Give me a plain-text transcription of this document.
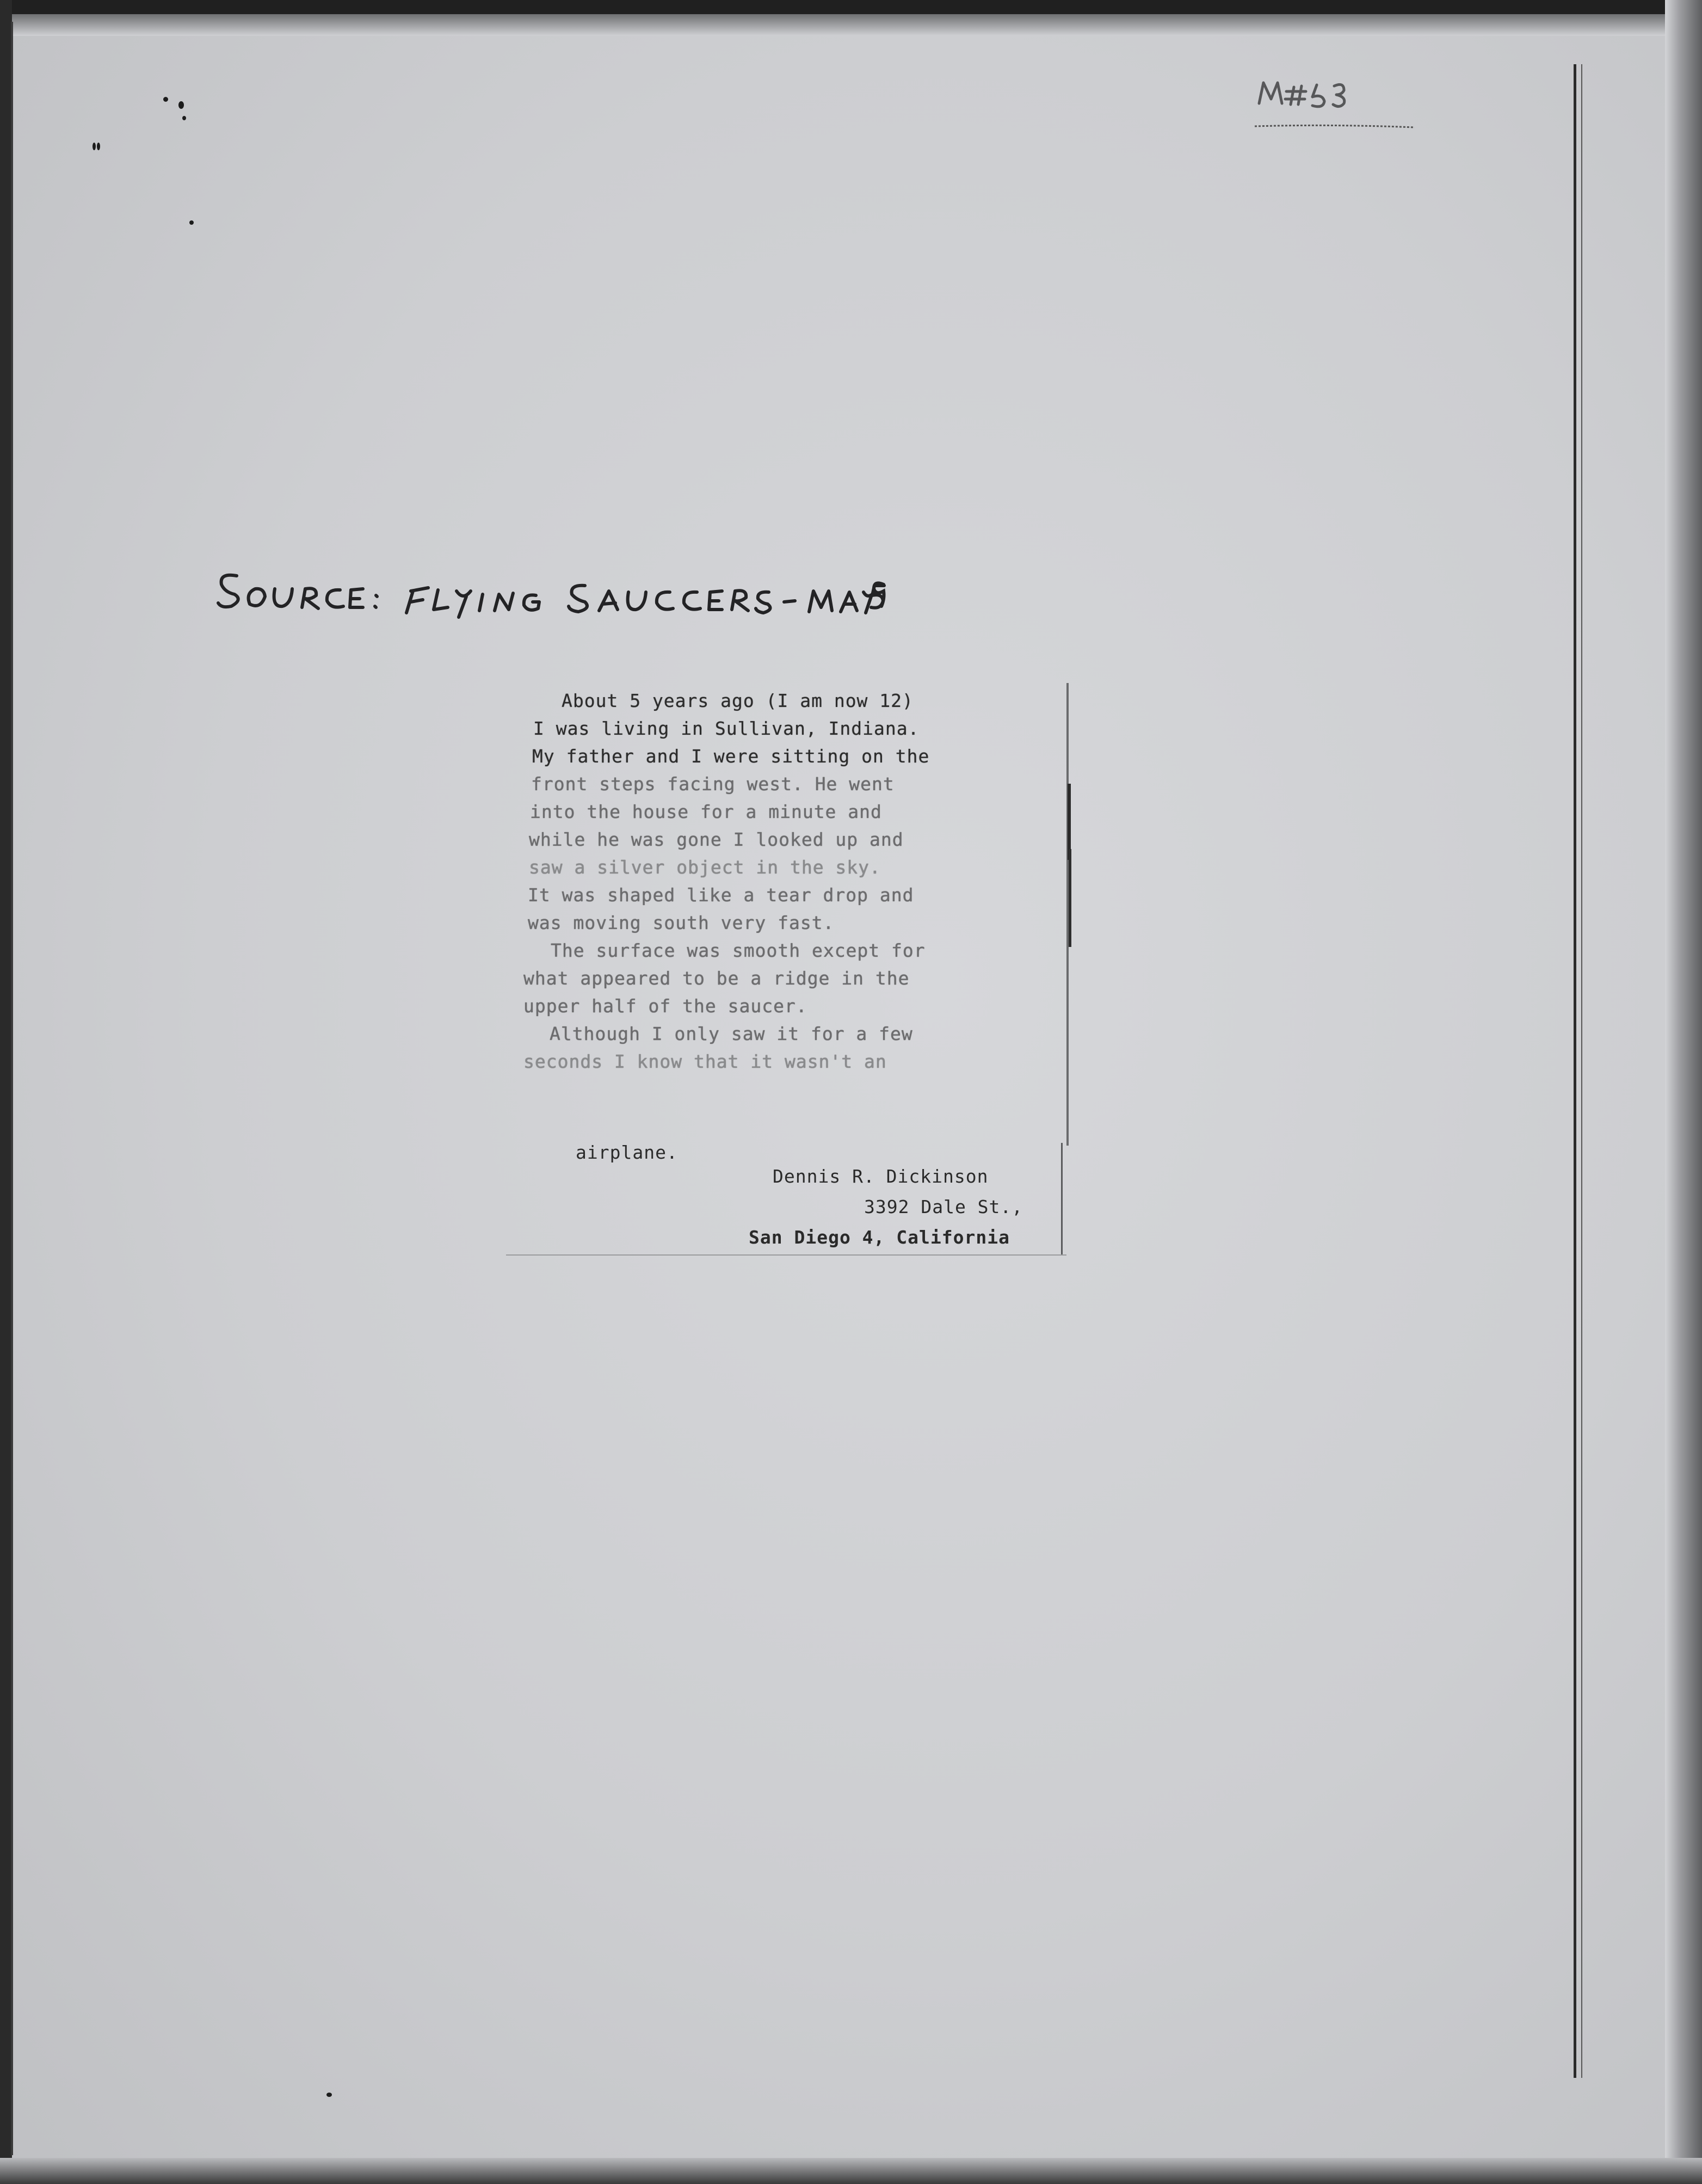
About 5 years ago (I am now 12)
I was living in Sullivan, Indiana.
My father and I were sitting on the
front steps facing west. He went
into the house for a minute and
while he was gone I looked up and
saw a silver object in the sky.
It was shaped like a tear drop and
was moving south very fast.
The surface was smooth except for
what appeared to be a ridge in the
upper half of the saucer.
Although I only saw it for a few
seconds I know that it wasn't an
airplane.
Dennis R. Dickinson
3392 Dale St.,
San Diego 4, California
